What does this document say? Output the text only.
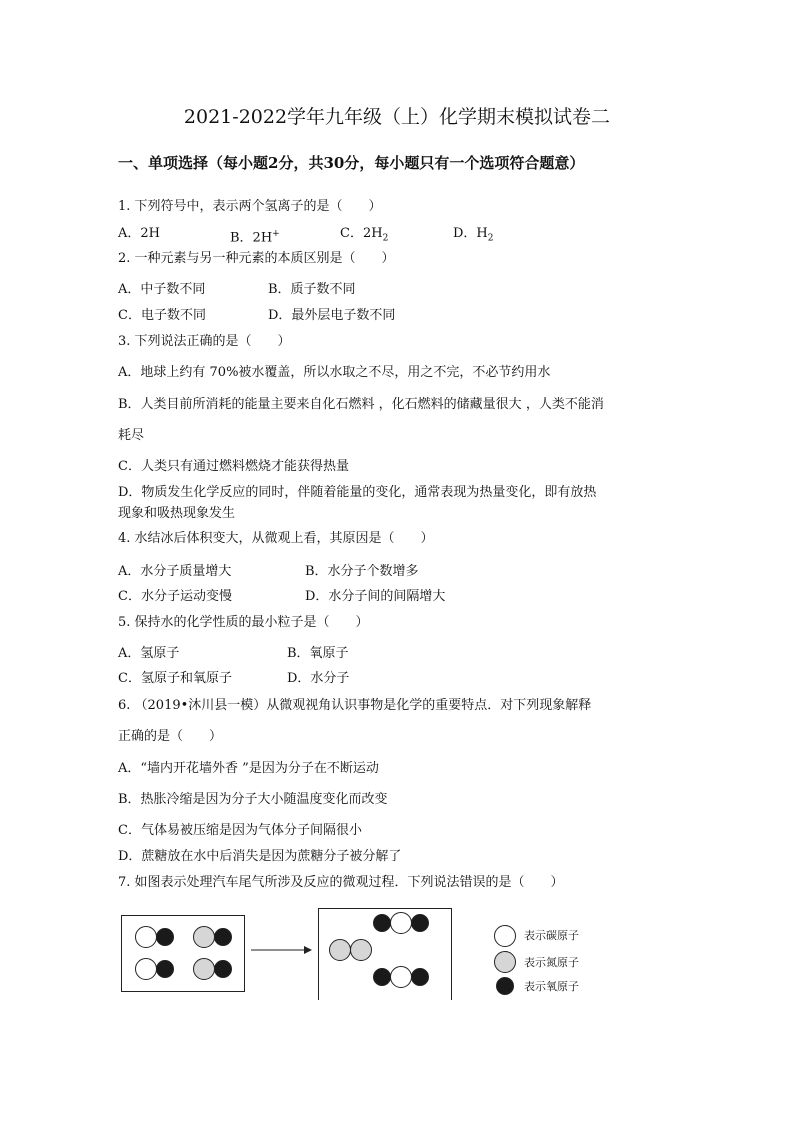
2021-2022学年九年级（上）化学期末模拟试卷二
一、单项选择（每小题2分，共30分，每小题只有一个选项符合题意）
1. 下列符号中，表示两个氢离子的是（　　）
A．2H	B．2H+	C．$2H_2$	D．$H_2$
2. 一种元素与另一种元素的本质区别是（　　）
A．中子数不同	B．质子数不同
C．电子数不同	D．最外层电子数不同
3. 下列说法正确的是（　　）
A．地球上约有 70%被水覆盖，所以水取之不尽，用之不完，不必节约用水
B．人类目前所消耗的能量主要来自化石燃料 ，化石燃料的储藏量很大 ，人类不能消
耗尽
C．人类只有通过燃料燃烧才能获得热量
D．物质发生化学反应的同时，伴随着能量的变化，通常表现为热量变化，即有放热
现象和吸热现象发生
4. 水结冰后体积变大，从微观上看，其原因是（　　）
A．水分子质量增大	B．水分子个数增多
C．水分子运动变慢	D．水分子间的间隔增大
5. 保持水的化学性质的最小粒子是（　　）
A．氢原子	B．氧原子
C．氢原子和氧原子	D．水分子
6. （2019•沐川县一模）从微观视角认识事物是化学的重要特点．对下列现象解释
正确的是（　　）
A．“墙内开花墙外香 ”是因为分子在不断运动
B．热胀冷缩是因为分子大小随温度变化而改变
C．气体易被压缩是因为气体分子间隔很小
D．蔗糖放在水中后消失是因为蔗糖分子被分解了
7. 如图表示处理汽车尾气所涉及反应的微观过程．下列说法错误的是（　　）
表示碳原子
表示氮原子
表示氧原子
